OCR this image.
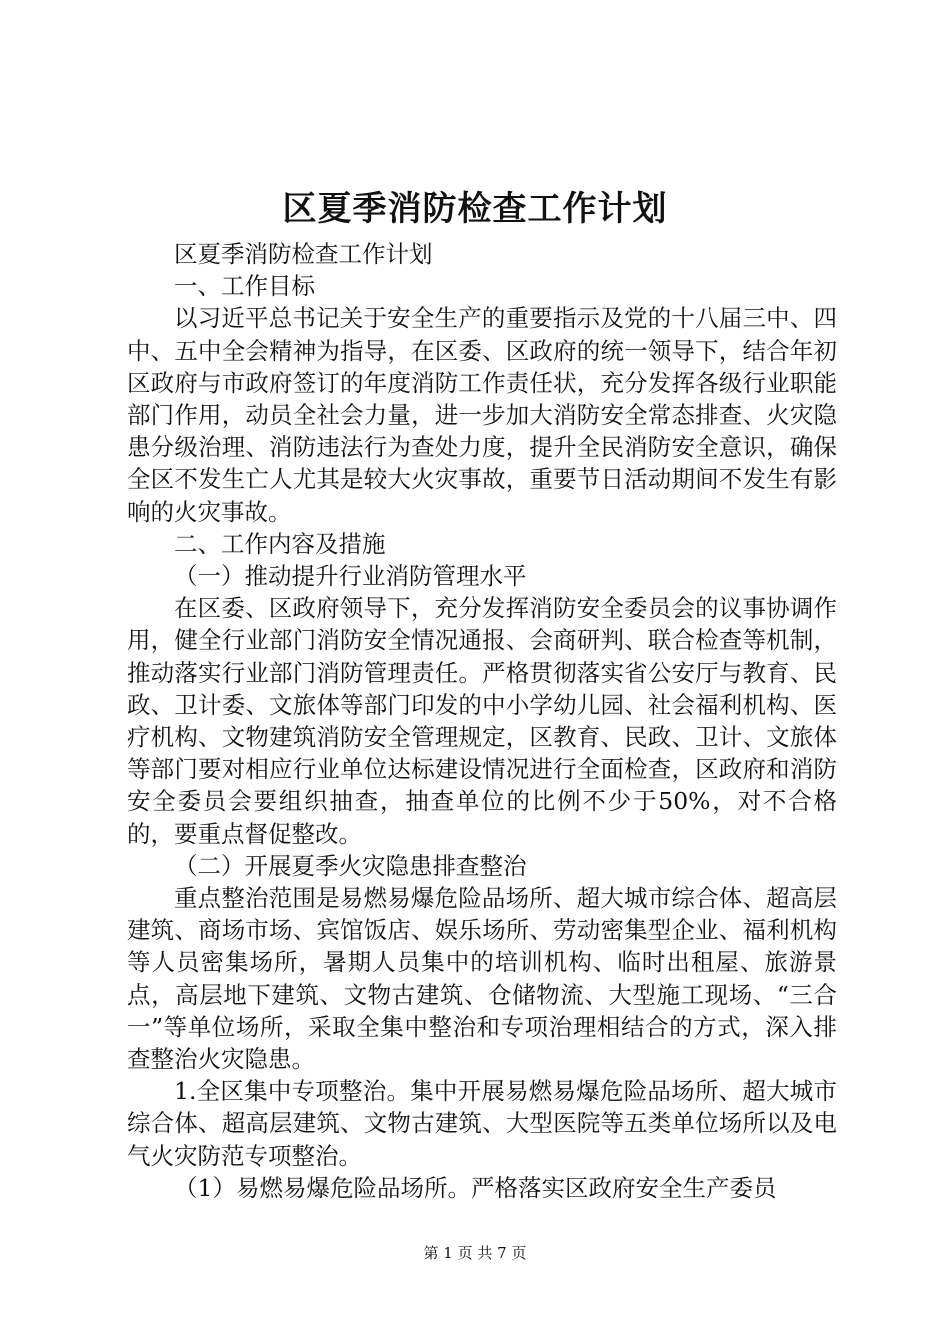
区夏季消防检查工作计划

区夏季消防检查工作计划

一、工作目标

以习近平总书记关于安全生产的重要指示及党的十八届三中、四中、五中全会精神为指导，在区委、区政府的统一领导下，结合年初区政府与市政府签订的年度消防工作责任状，充分发挥各级行业职能部门作用，动员全社会力量，进一步加大消防安全常态排查、火灾隐患分级治理、消防违法行为查处力度，提升全民消防安全意识，确保全区不发生亡人尤其是较大火灾事故，重要节日活动期间不发生有影响的火灾事故。

二、工作内容及措施

（一）推动提升行业消防管理水平

在区委、区政府领导下，充分发挥消防安全委员会的议事协调作用，健全行业部门消防安全情况通报、会商研判、联合检查等机制，推动落实行业部门消防管理责任。严格贯彻落实省公安厅与教育、民政、卫计委、文旅体等部门印发的中小学幼儿园、社会福利机构、医疗机构、文物建筑消防安全管理规定，区教育、民政、卫计、文旅体等部门要对相应行业单位达标建设情况进行全面检查，区政府和消防安全委员会要组织抽查，抽查单位的比例不少于50%，对不合格的，要重点督促整改。

（二）开展夏季火灾隐患排查整治

重点整治范围是易燃易爆危险品场所、超大城市综合体、超高层建筑、商场市场、宾馆饭店、娱乐场所、劳动密集型企业、福利机构等人员密集场所，暑期人员集中的培训机构、临时出租屋、旅游景点，高层地下建筑、文物古建筑、仓储物流、大型施工现场、“三合一”等单位场所，采取全集中整治和专项治理相结合的方式，深入排查整治火灾隐患。

1.全区集中专项整治。集中开展易燃易爆危险品场所、超大城市综合体、超高层建筑、文物古建筑、大型医院等五类单位场所以及电气火灾防范专项整治。

（1）易燃易爆危险品场所。严格落实区政府安全生产委员

第 1 页 共 7 页
